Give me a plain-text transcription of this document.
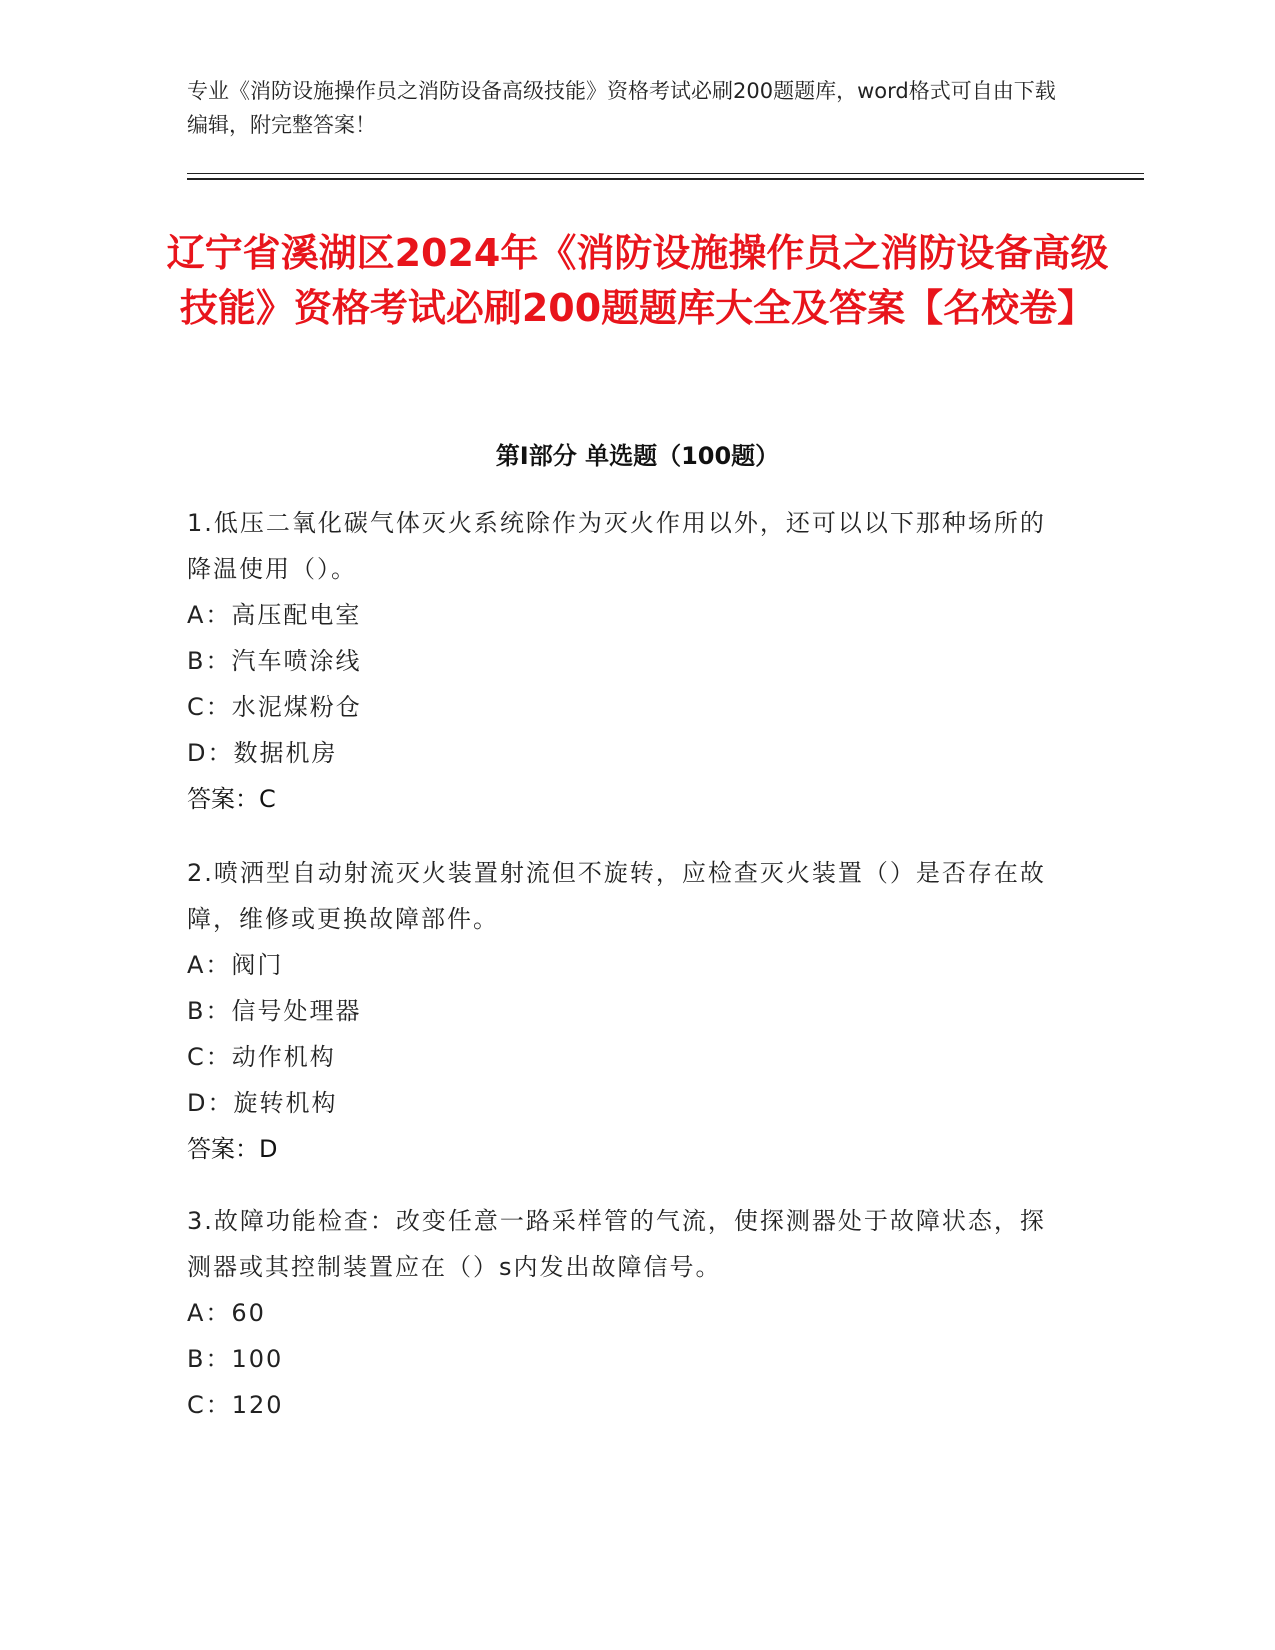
专业《消防设施操作员之消防设备高级技能》资格考试必刷200题题库，word格式可自由下载编辑，附完整答案！
辽宁省溪湖区2024年《消防设施操作员之消防设备高级技能》资格考试必刷200题题库大全及答案【名校卷】
第Ⅰ部分 单选题（100题）

1.低压二氧化碳气体灭火系统除作为灭火作用以外，还可以以下那种场所的降温使用（）。

A：高压配电室

B：汽车喷涂线

C：水泥煤粉仓

D：数据机房

答案：C

2.喷洒型自动射流灭火装置射流但不旋转，应检查灭火装置（）是否存在故障，维修或更换故障部件。

A：阀门

B：信号处理器

C：动作机构

D：旋转机构

答案：D

3.故障功能检查：改变任意一路采样管的气流，使探测器处于故障状态，探测器或其控制装置应在（）s内发出故障信号。

A：60

B：100

C：120
